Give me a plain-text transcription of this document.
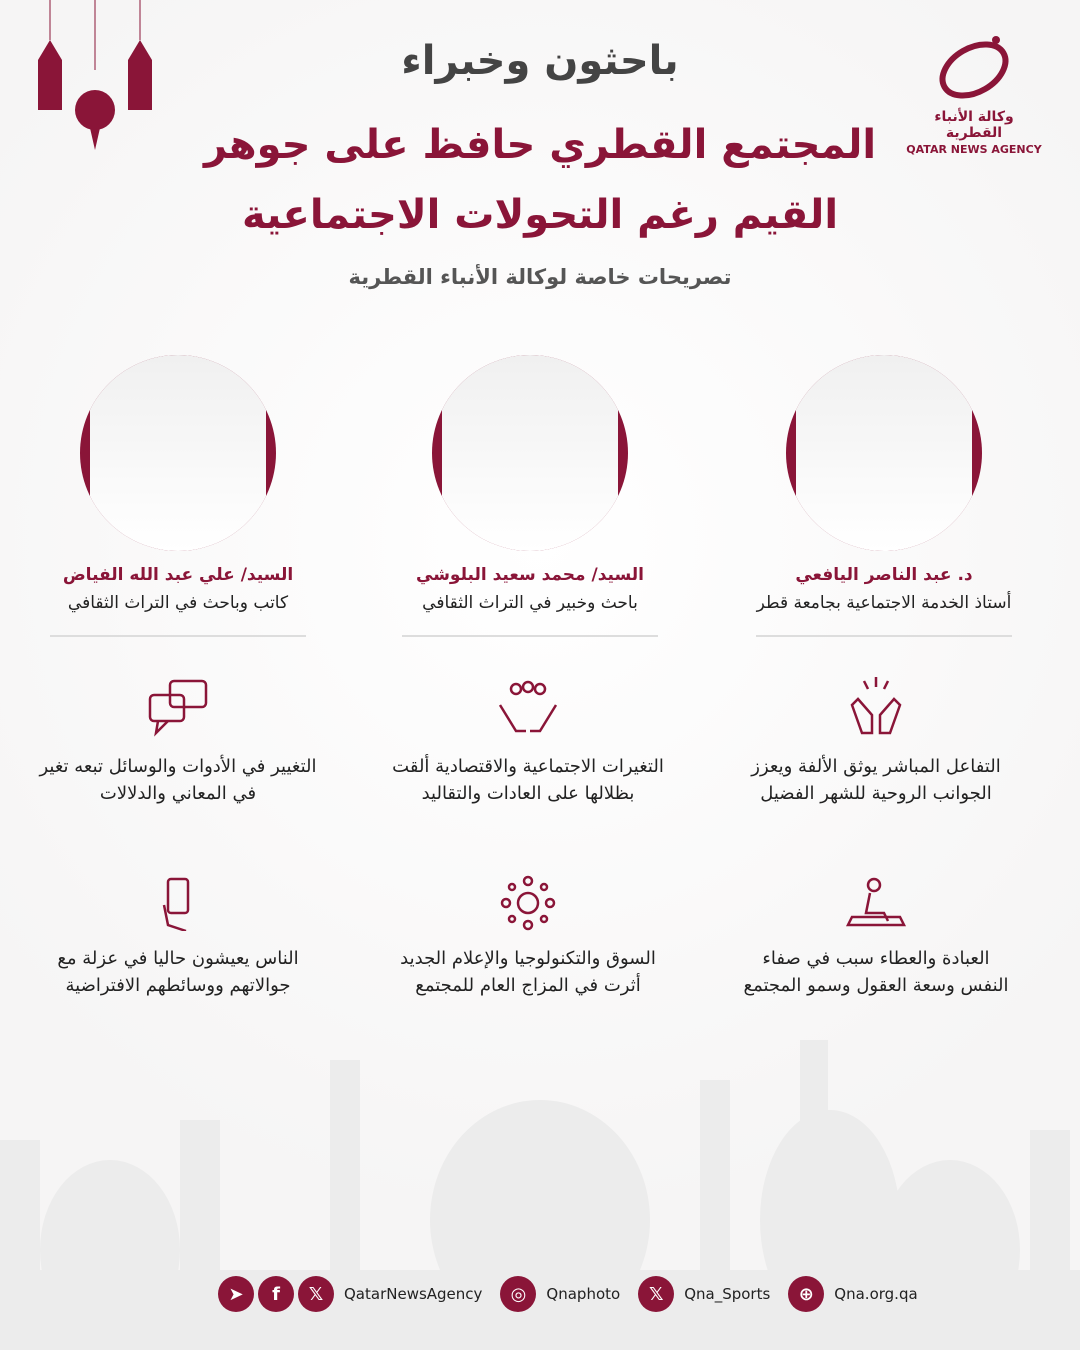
وكالة الأنباء القطرية
QATAR NEWS AGENCY
باحثون وخبراء
المجتمع القطري حافظ على جوهر
القيم رغم التحولات الاجتماعية
تصريحات خاصة لوكالة الأنباء القطرية
د. عبد الناصر اليافعي
أستاذ الخدمة الاجتماعية بجامعة قطر
السيد/ محمد سعيد البلوشي
باحث وخبير في التراث الثقافي
السيد/ علي عبد الله الفياض
كاتب وباحث في التراث الثقافي

التفاعل المباشر يوثق الألفة ويعزز الجوانب الروحية للشهر الفضيل

التغيرات الاجتماعية والاقتصادية ألقت بظلالها على العادات والتقاليد

التغيير في الأدوات والوسائل تبعه تغير في المعاني والدلالات

العبادة والعطاء سبب في صفاء النفس وسعة العقول وسمو المجتمع

السوق والتكنولوجيا والإعلام الجديد أثرت في المزاج العام للمجتمع

الناس يعيشون حاليا في عزلة مع جوالاتهم ووسائطهم الافتراضية

➤	f	𝕏	QatarNewsAgency	◎	Qnaphoto	𝕏	Qna_Sports	⊕	Qna.org.qa
